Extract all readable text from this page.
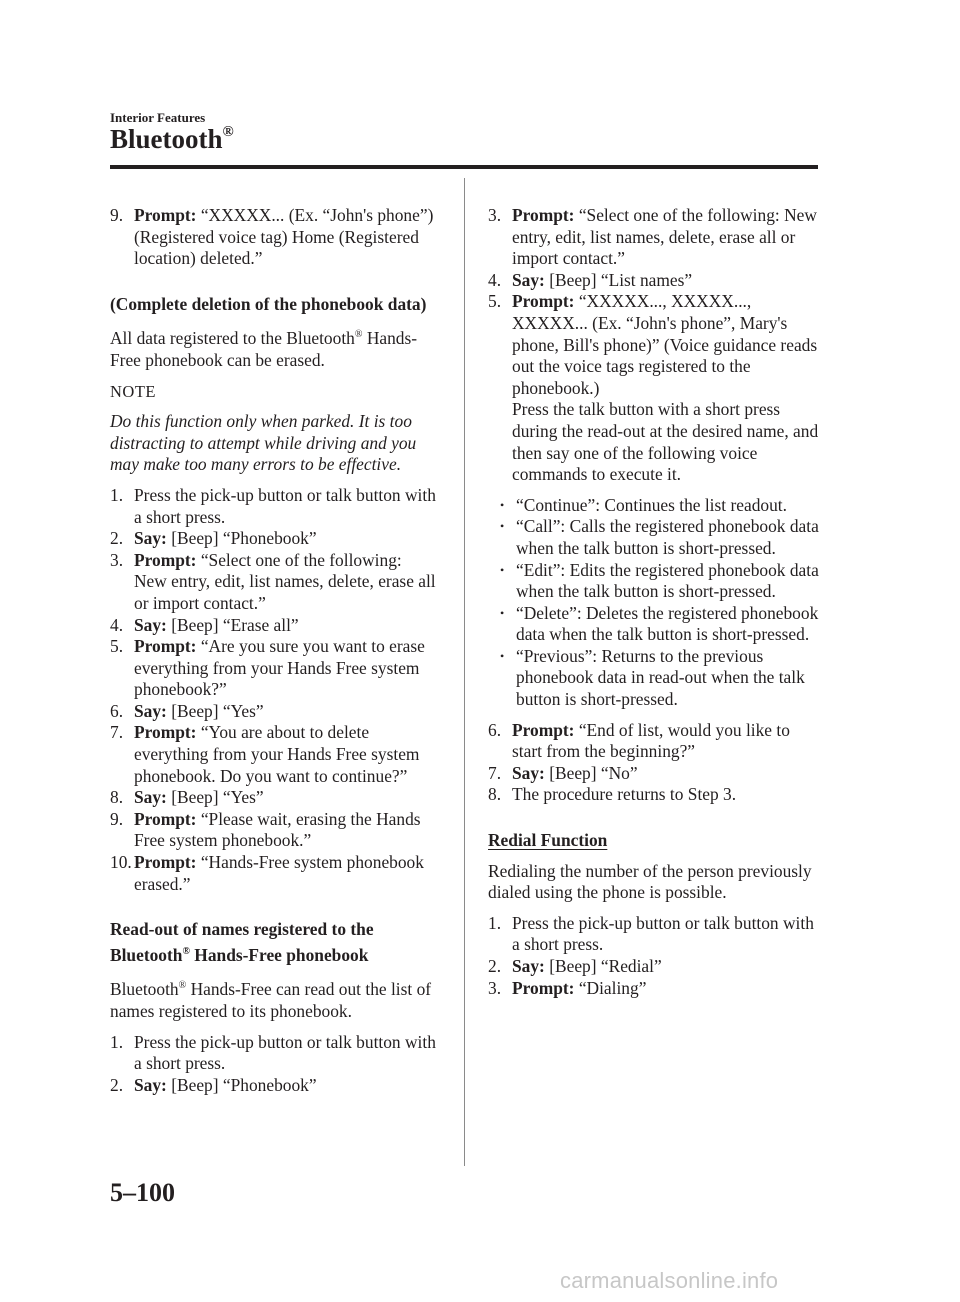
Interior Features
Bluetooth®
9. Prompt: “XXXXX... (Ex. “John's phone”) (Registered voice tag) Home (Registered location) deleted.”
(Complete deletion of the phonebook data)
All data registered to the Bluetooth® Hands-Free phonebook can be erased.
NOTE
Do this function only when parked. It is too distracting to attempt while driving and you may make too many errors to be effective.
1. Press the pick-up button or talk button with a short press.
2. Say: [Beep] “Phonebook”
3. Prompt: “Select one of the following: New entry, edit, list names, delete, erase all or import contact.”
4. Say: [Beep] “Erase all”
5. Prompt: “Are you sure you want to erase everything from your Hands Free system phonebook?”
6. Say: [Beep] “Yes”
7. Prompt: “You are about to delete everything from your Hands Free system phonebook. Do you want to continue?”
8. Say: [Beep] “Yes”
9. Prompt: “Please wait, erasing the Hands Free system phonebook.”
10. Prompt: “Hands-Free system phonebook erased.”
Read-out of names registered to the Bluetooth® Hands-Free phonebook
Bluetooth® Hands-Free can read out the list of names registered to its phonebook.
1. Press the pick-up button or talk button with a short press.
2. Say: [Beep] “Phonebook”
3. Prompt: “Select one of the following: New entry, edit, list names, delete, erase all or import contact.”
4. Say: [Beep] “List names”
5. Prompt: “XXXXX..., XXXXX..., XXXXX... (Ex. “John's phone”, Mary's phone, Bill's phone)” (Voice guidance reads out the voice tags registered to the phonebook.)
Press the talk button with a short press during the read-out at the desired name, and then say one of the following voice commands to execute it.
• “Continue”: Continues the list readout.
• “Call”: Calls the registered phonebook data when the talk button is short-pressed.
• “Edit”: Edits the registered phonebook data when the talk button is short-pressed.
• “Delete”: Deletes the registered phonebook data when the talk button is short-pressed.
• “Previous”: Returns to the previous phonebook data in read-out when the talk button is short-pressed.
6. Prompt: “End of list, would you like to start from the beginning?”
7. Say: [Beep] “No”
8. The procedure returns to Step 3.
Redial Function
Redialing the number of the person previously dialed using the phone is possible.
1. Press the pick-up button or talk button with a short press.
2. Say: [Beep] “Redial”
3. Prompt: “Dialing”
5–100
carmanualsonline.info
